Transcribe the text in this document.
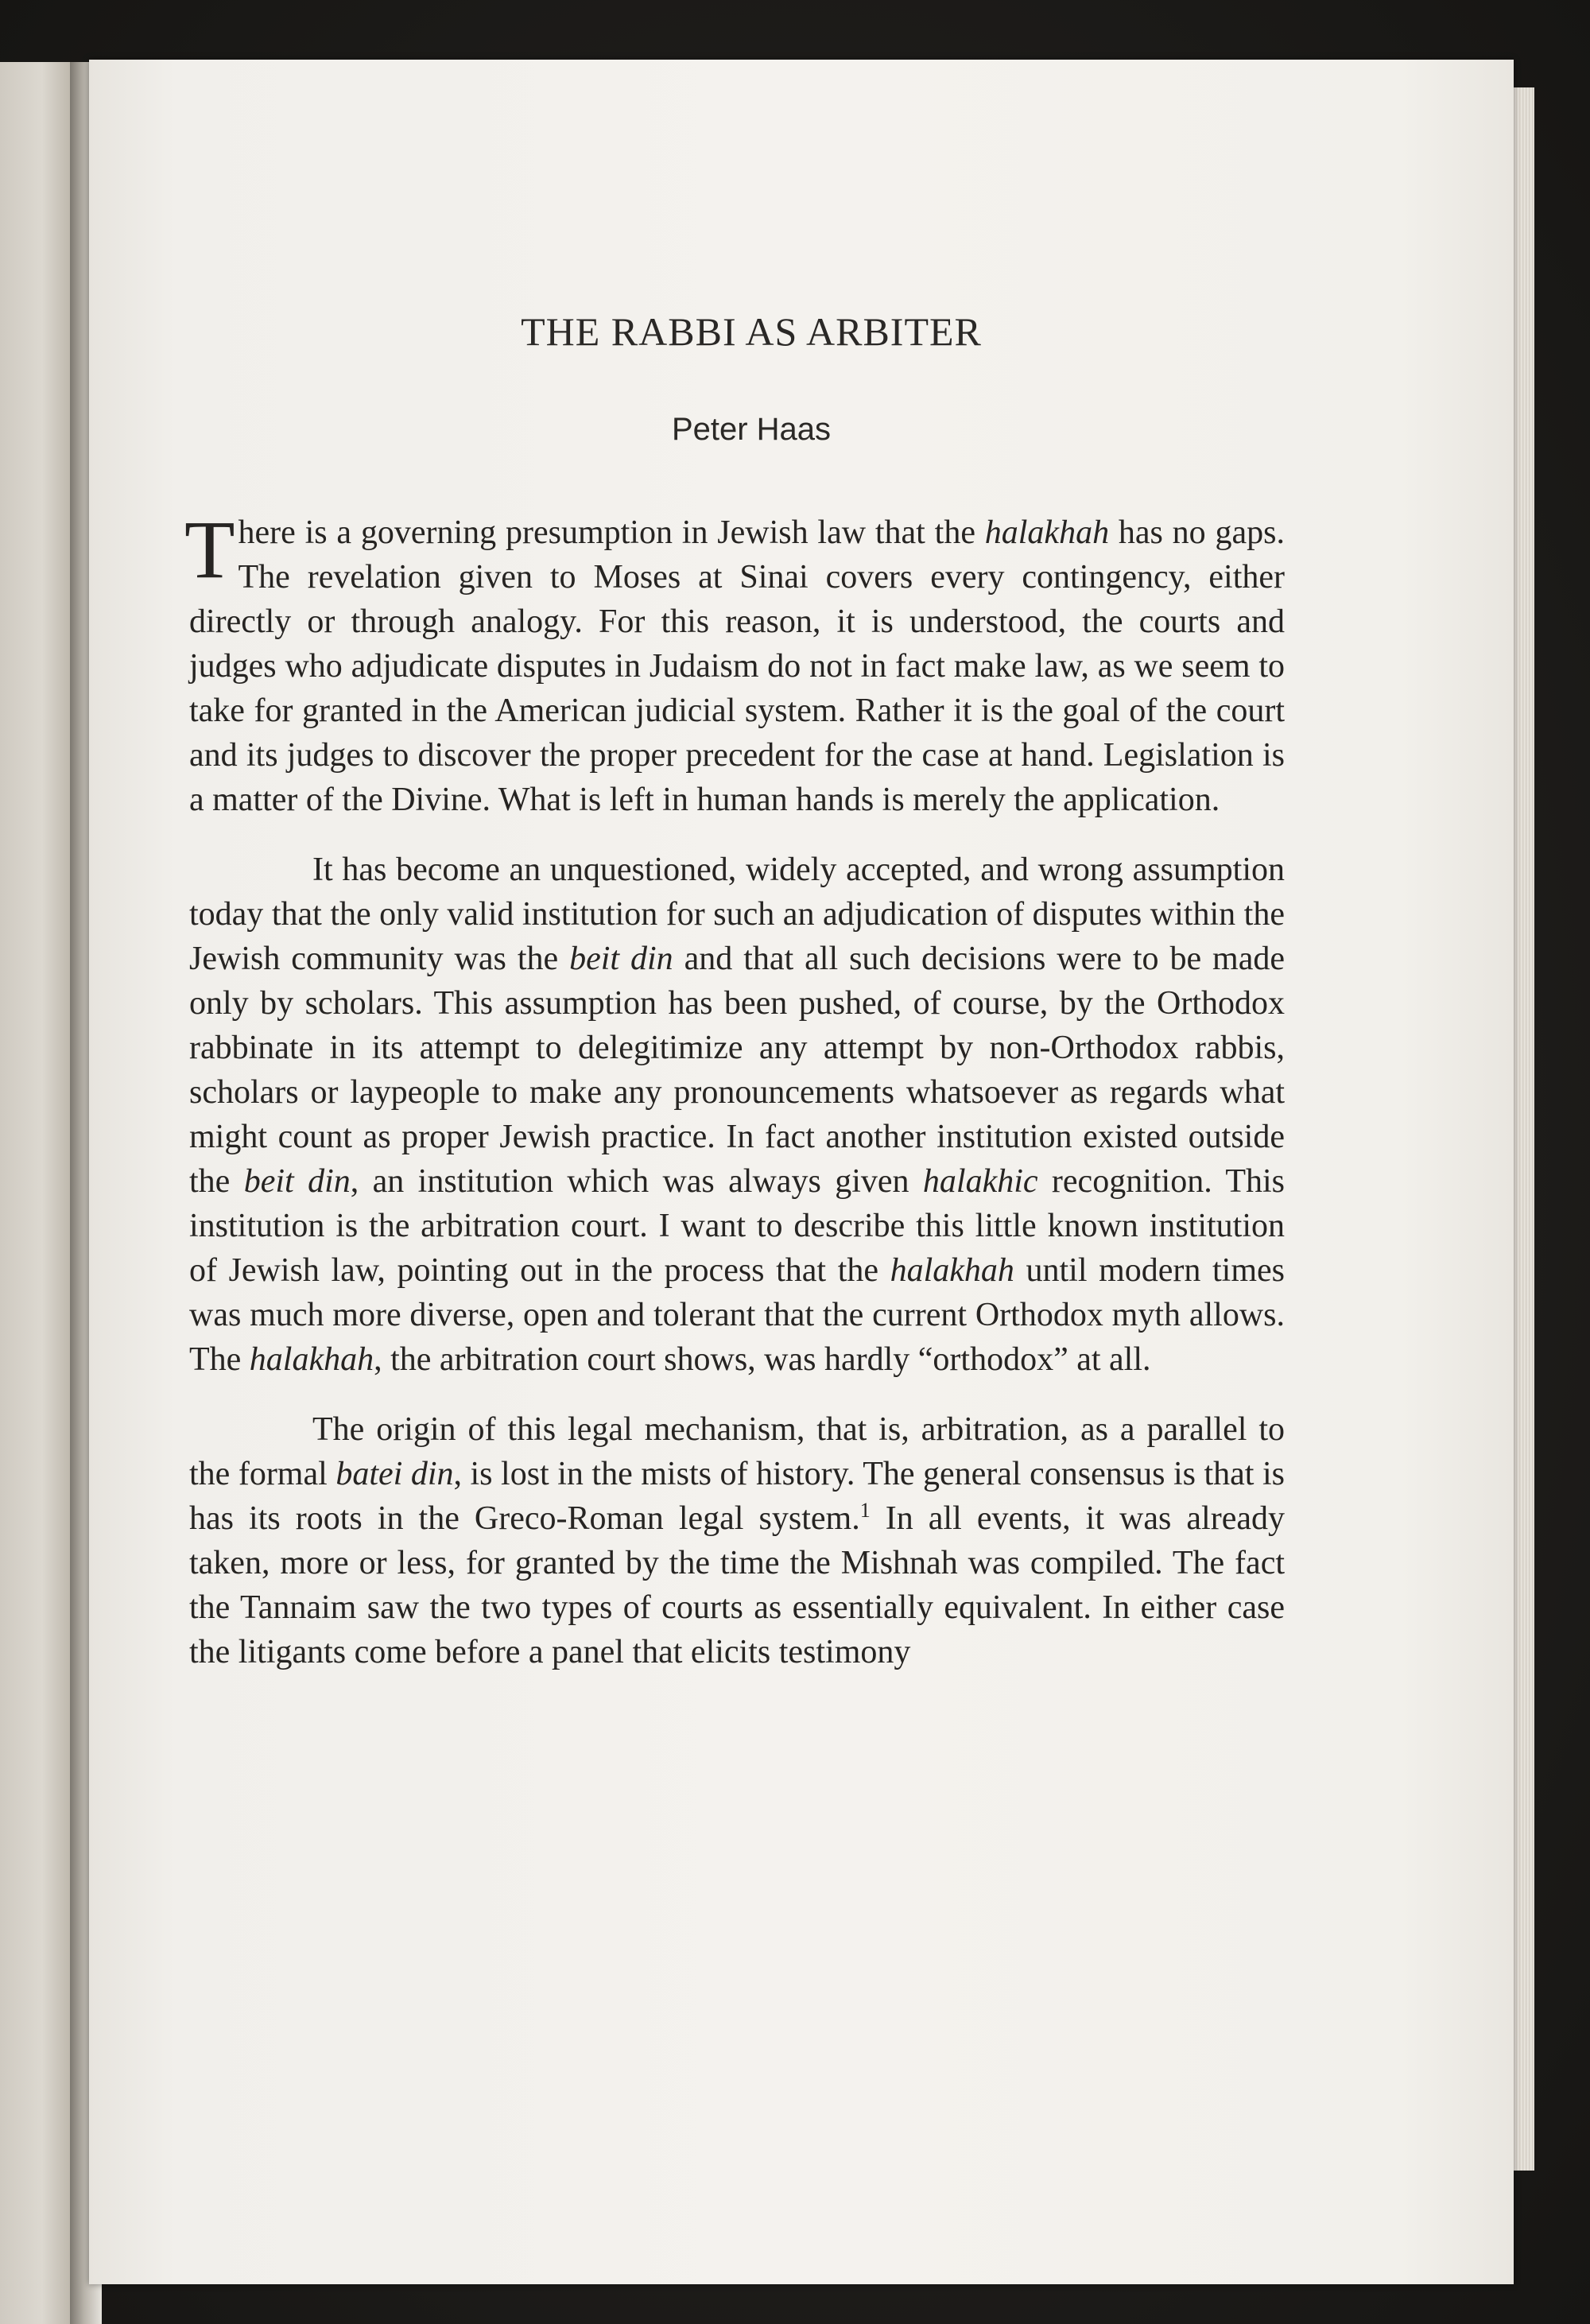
THE RABBI AS ARBITER
Peter Haas

There is a governing presumption in Jewish law that the halakhah has no gaps. The revelation given to Moses at Sinai covers every contingency, either directly or through analogy. For this reason, it is understood, the courts and judges who adjudicate disputes in Judaism do not in fact make law, as we seem to take for granted in the American judicial system. Rather it is the goal of the court and its judges to discover the proper precedent for the case at hand. Legislation is a matter of the Divine. What is left in human hands is merely the application.

It has become an unquestioned, widely accepted, and wrong assumption today that the only valid institution for such an adjudication of disputes within the Jewish community was the beit din and that all such decisions were to be made only by scholars. This assumption has been pushed, of course, by the Orthodox rabbinate in its attempt to delegitimize any attempt by non-Orthodox rabbis, scholars or laypeople to make any pronouncements whatsoever as regards what might count as proper Jewish practice. In fact another institution existed outside the beit din, an institution which was always given halakhic recognition. This institution is the arbitration court. I want to describe this little known institution of Jewish law, pointing out in the process that the halakhah until modern times was much more diverse, open and tolerant that the current Orthodox myth allows. The halakhah, the arbitration court shows, was hardly “orthodox” at all.

The origin of this legal mechanism, that is, arbitration, as a parallel to the formal batei din, is lost in the mists of history. The general consensus is that is has its roots in the Greco-Roman legal system.$^1$ In all events, it was already taken, more or less, for granted by the time the Mishnah was compiled. The fact the Tannaim saw the two types of courts as essentially equivalent. In either case the litigants come before a panel that elicits testimony
